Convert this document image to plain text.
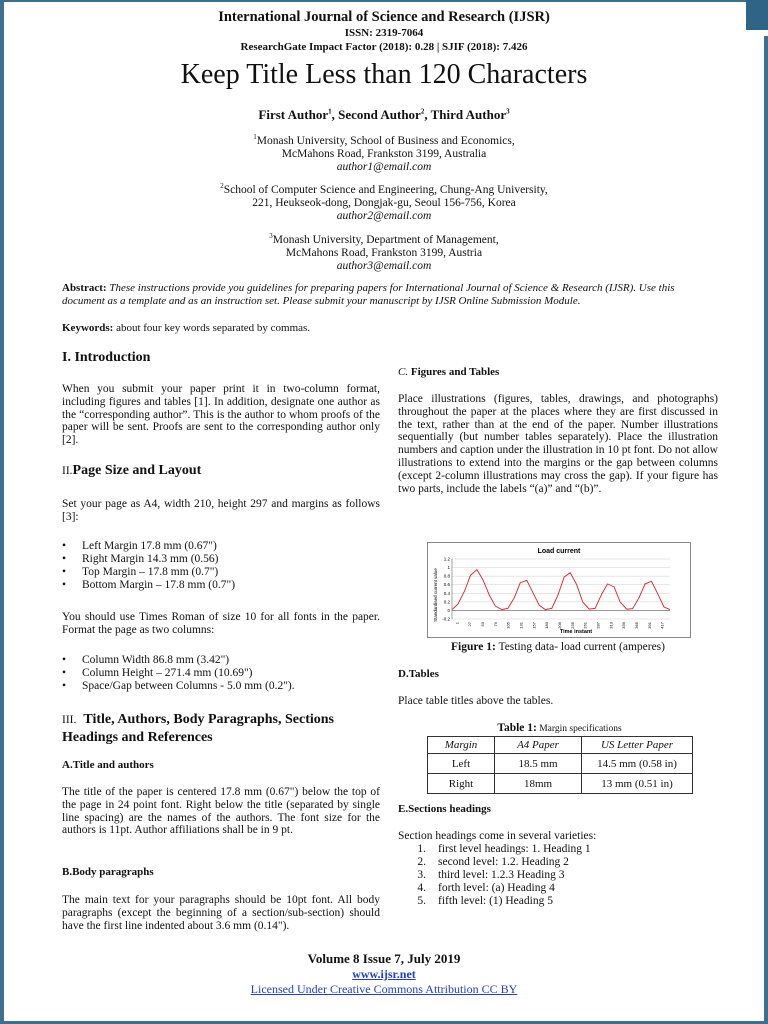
International Journal of Science and Research (IJSR)
ISSN: 2319-7064
ResearchGate Impact Factor (2018): 0.28 | SJIF (2018): 7.426
Keep Title Less than 120 Characters
First Author$^1$, Second Author$^2$, Third Author$^3$
$^1$Monash University, School of Business and Economics,
McMahons Road, Frankston 3199, Australia
author1@email.com
$^2$School of Computer Science and Engineering, Chung-Ang University,
221, Heukseok-dong, Dongjak-gu, Seoul 156-756, Korea
author2@email.com
$^3$Monash University, Department of Management,
McMahons Road, Frankston 3199, Austria
author3@email.com
Abstract: These instructions provide you guidelines for preparing papers for International Journal of Science & Research (IJSR). Use this document as a template and as an instruction set. Please submit your manuscript by IJSR Online Submission Module.
Keywords: about four key words separated by commas.
I. Introduction
When you submit your paper print it in two-column format, including figures and tables [1]. In addition, designate one author as the “corresponding author”. This is the author to whom proofs of the paper will be sent. Proofs are sent to the corresponding author only [2].
II.Page Size and Layout
Set your page as A4, width 210, height 297 and margins as follows [3]:
• Left Margin 17.8 mm (0.67")
• Right Margin 14.3 mm (0.56)
• Top Margin – 17.8 mm (0.7")
• Bottom Margin – 17.8 mm (0.7")
You should use Times Roman of size 10 for all fonts in the paper. Format the page as two columns:
• Column Width 86.8 mm (3.42")
• Column Height – 271.4 mm (10.69")
• Space/Gap between Columns - 5.0 mm (0.2").
III. Title, Authors, Body Paragraphs, Sections Headings and References
A.Title and authors
The title of the paper is centered 17.8 mm (0.67") below the top of the page in 24 point font. Right below the title (separated by single line spacing) are the names of the authors. The font size for the authors is 11pt. Author affiliations shall be in 9 pt.
B.Body paragraphs
The main text for your paragraphs should be 10pt font. All body paragraphs (except the beginning of a section/sub-section) should have the first line indented about 3.6 mm (0.14").
C. Figures and Tables
Place illustrations (figures, tables, drawings, and photographs) throughout the paper at the places where they are first discussed in the text, rather than at the end of the paper. Number illustrations sequentially (but number tables separately). Place the illustration numbers and caption under the illustration in 10 pt font. Do not allow illustrations to extend into the margins or the gap between columns (except 2-column illustrations may cross the gap). If your figure has two parts, include the labels “(a)” and “(b)”.
Load current
Standardised current value
Time instant
1.2
1
0.8
0.6
0.4
0.2
0
-0.2
1 27 53 79 105 131 157 183 209 235 261 287 313 339 365 391 417
Figure 1: Testing data- load current (amperes)
D.Tables
Place table titles above the tables.
Table 1: Margin specifications
Margin	A4 Paper	US Letter Paper
Left	18.5 mm	14.5 mm (0.58 in)
Right	18mm	13 mm (0.51 in)
E.Sections headings
Section headings come in several varieties:
1. first level headings: 1. Heading 1
2. second level: 1.2. Heading 2
3. third level: 1.2.3 Heading 3
4. forth level: (a) Heading 4
5. fifth level: (1) Heading 5
Volume 8 Issue 7, July 2019
www.ijsr.net
Licensed Under Creative Commons Attribution CC BY
